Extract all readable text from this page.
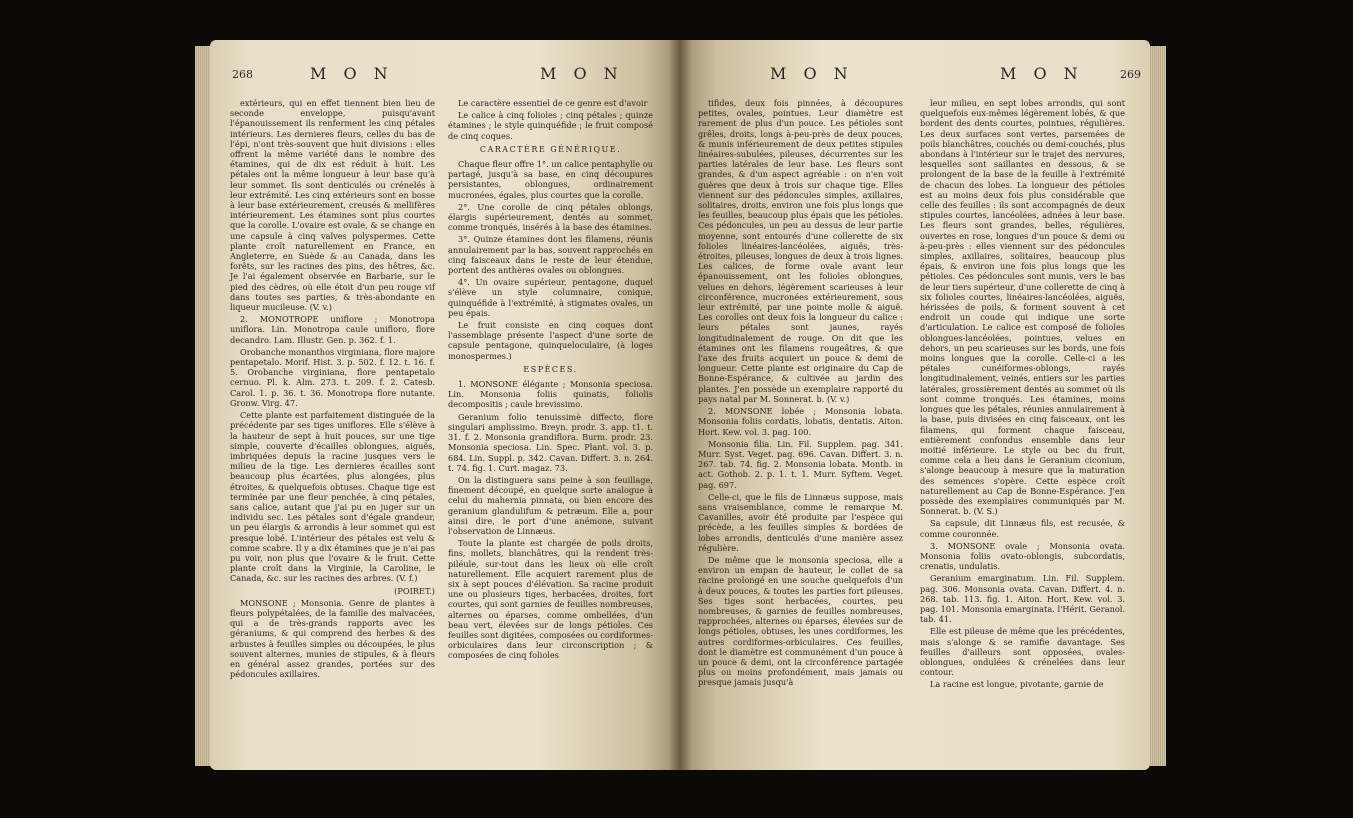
268	M O N	M O N

extérieurs, qui en effet tiennent bien lieu de seconde enveloppe, puisqu'avant l'épanouissement ils renferment les cinq pétales intérieurs. Les dernieres fleurs, celles du bas de l'épi, n'ont très-souvent que huit divisions : elles offrent la même variété dans le nombre des étamines, qui de dix est réduit à huit. Les pétales ont la même longueur à leur base qu'à leur sommet. Ils sont denticulés ou crénelés à leur extrémité. Les cinq extérieurs sont en bosse à leur base extérieurement, creusés & mellifères intérieurement. Les étamines sont plus courtes que la corolle. L'ovaire est ovale, & se change en une capsule à cinq valves polyspermes. Cette plante croît naturellement en France, en Angleterre, en Suède & au Canada, dans les forêts, sur les racines des pins, des hêtres, &c. Je l'ai également observée en Barbarie, sur le pied des cèdres, où elle étoit d'un peu rouge vif dans toutes ses parties, & très-abondante en liqueur mucileuse. (V. v.)

2. MONOTROPE uniflore ; Monotropa uniflora. Lin. Monotropa caule unifloro, flore decandro. Lam. Illustr. Gen. p. 362. f. 1.

Orobanche monanthos virginiana, flore majore pentapetalo. Morif. Hist. 3. p. 502. f. 12. t. 16. f. 5. Orobanche virginiana, flore pentapetalo cernuo. Pl. k. Alm. 273. t. 209. f. 2. Catesb. Carol. 1. p. 36. t. 36. Monotropa flore nutante. Gronw. Virg. 47.

Cette plante est parfaitement distinguée de la précédente par ses tiges uniflores. Elle s'élève à la hauteur de sept à huit pouces, sur une tige simple, couverte d'écailles oblongues, aiguës, imbriquées depuis la racine jusques vers le milieu de la tige. Les dernieres écailles sont beaucoup plus écartées, plus alongées, plus étroites, & quelquefois obtuses. Chaque tige est terminée par une fleur penchée, à cinq pétales, sans calice, autant que j'ai pu en juger sur un individu sec. Les pétales sont d'égale grandeur, un peu élargis & arrondis à leur sommet qui est presque lobé. L'intérieur des pétales est velu & comme scabre. Il y a dix étamines que je n'ai pas pu voir, non plus que l'ovaire & le fruit. Cette plante croît dans la Virginie, la Caroline, le Canada, &c. sur les racines des arbres. (V. f.)

(POIRET.)

MONSONE ; Monsonia. Genre de plantes à fleurs polypétalées, de la famille des malvacées, qui a de très-grands rapports avec les géraniums, & qui comprend des herbes & des arbustes à feuilles simples ou découpées, le plus souvent alternes, munies de stipules, & à fleurs en général assez grandes, portées sur des pédoncules axillaires.

Le caractère essentiel de ce genre est d'avoir

Le calice à cinq folioles ; cinq pétales ; quinze étamines ; le style quinquéfide ; le fruit composé de cinq coques.

CARACTÈRE GÉNÉRIQUE.

Chaque fleur offre 1°. un calice pentaphylle ou partagé, jusqu'à sa base, en cinq découpures persistantes, oblongues, ordinairement mucronées, égales, plus courtes que la corolle.

2°. Une corolle de cinq pétales oblongs, élargis supérieurement, dentés au sommet, comme tronqués, insérés à la base des étamines.

3°. Quinze étamines dont les filamens, réunis annulairement par la bas, souvent rapprochés en cinq faisceaux dans le reste de leur étendue, portent des anthères ovales ou oblongues.

4°. Un ovaire supérieur, pentagone, duquel s'élève un style columnaire, conique, quinquéfide à l'extrémité, à stigmates ovales, un peu épais.

Le fruit consiste en cinq coques dont l'assemblage présente l'aspect d'une sorte de capsule pentagone, quinqueloculaire, (à loges monospermes.)

ESPÈCES.

1. MONSONE élégante ; Monsonia speciosa. Lin. Monsonia foliis quinatis, foliolis decompositis ; caule brevissimo.

Geranium folio tenuissimè diffecto, flore singulari amplissimo. Breyn. prodr. 3. app. t1. t. 31. f. 2. Monsonia grandiflora. Burm. prodr. 23. Monsonia speciosa. Lin. Spec. Plant. vol. 3. p. 684. Lin. Suppl. p. 342. Cavan. Differt. 3. n. 264. t. 74. fig. 1. Curt. magaz. 73.

On la distinguera sans peine à son feuillage, finement découpé, en quelque sorte analogue à celui du mahernia pinnata, ou bien encore des geranium glandulifum & petræum. Elle a, pour ainsi dire, le port d'une anémone, suivant l'observation de Linnæus.

Toute la plante est chargée de poils droits, fins, mollets, blanchâtres, qui la rendent très-piléule, sur-tout dans les lieux où elle croît naturellement. Elle acquiert rarement plus de six à sept pouces d'élévation. Sa racine produit une ou plusieurs tiges, herbacées, droites, fort courtes, qui sont garnies de feuilles nombreuses, alternes ou éparses, comme ombellées, d'un beau vert, élevées sur de longs pétioles. Ces feuilles sont digitées, composées ou cordiformes-orbiculaires dans leur circonscription ; & composées de cinq folioles

M O N	M O N	269

tifides, deux fois pinnées, à découpures petites, ovales, pointues. Leur diamètre est rarement de plus d'un pouce. Les pétioles sont grêles, droits, longs à-peu-près de deux pouces, & munis inférieurement de deux petites stipules linéaires-subulées, pileuses, décurrentes sur les parties latérales de leur base. Les fleurs sont grandes, & d'un aspect agréable : on n'en voit guères que deux à trois sur chaque tige. Elles viennent sur des pédoncules simples, axillaires, solitaires, droits, environ une fois plus longs que les feuilles, beaucoup plus épais que les pétioles. Ces pédoncules, un peu au dessus de leur partie moyenne, sont entourés d'une collerette de six folioles linéaires-lancéolées, aiguës, très-étroites, pileuses, longues de deux à trois lignes. Les calices, de forme ovale avant leur épanouissement, ont les folioles oblongues, velues en dehors, légèrement scarieuses à leur circonférence, mucronées extérieurement, sous leur extrémité, par une pointe molle & aiguë. Les corolles ont deux fois la longueur du calice : leurs pétales sont jaunes, rayés longitudinalement de rouge. On dit que les étamines ont les filamens rougeâtres, & que l'axe des fruits acquiert un pouce & demi de longueur. Cette plante est originaire du Cap de Bonne-Espérance, & cultivée au jardin des plantes. J'en possède un exemplaire rapporté du pays natal par M. Sonnerat. b. (V. v.)

2. MONSONE lobée ; Monsonia lobata. Monsonia foliis cordatis, lobatis, dentatis. Aiton. Hort. Kew. vol. 3. pag. 100.

Monsonia filia. Lin. Fil. Supplem. pag. 341. Murr. Syst. Veget. pag. 696. Cavan. Differt. 3. n. 267. tab. 74. fig. 2. Monsonia lobata. Montb. in act. Gothob. 2. p. 1. t. 1. Murr. Syftem. Veget. pag. 697.

Celle-ci, que le fils de Linnæus suppose, mais sans vraisemblance, comme le remarque M. Cavanilles, avoir été produite par l'espèce qui précède, a les feuilles simples & bordées de lobes arrondis, denticulés d'une manière assez régulière.

De même que le monsonia speciosa, elle a environ un empan de hauteur, le collet de sa racine prolongé en une souche quelquefois d'un à deux pouces, & toutes les parties fort pileuses. Ses tiges sont herbacées, courtes, peu nombreuses, & garnies de feuilles nombreuses, rapprochées, alternes ou éparses, élevées sur de longs pétioles, obtuses, les unes cordiformes, les autres cordiformes-orbiculaires. Ces feuilles, dont le diamètre est communément d'un pouce à un pouce & demi, ont la circonférence partagée plus ou moins profondément, mais jamais ou presque jamais jusqu'à

leur milieu, en sept lobes arrondis, qui sont quelquefois eux-mêmes légèrement lobés, & que bordent des dents courtes, pointues, régulières. Les deux surfaces sont vertes, parsemées de poils blanchâtres, couchés ou demi-couchés, plus abondans à l'intérieur sur le trajet des nervures, lesquelles sont saillantes en dessous, & se prolongent de la base de la feuille à l'extrémité de chacun des lobes. La longueur des pétioles est au moins deux fois plus considérable que celle des feuilles : ils sont accompagnés de deux stipules courtes, lancéolées, adnées à leur base. Les fleurs sont grandes, belles, régulières, ouvertes en rose, longues d'un pouce & demi ou à-peu-près : elles viennent sur des pédoncules simples, axillaires, solitaires, beaucoup plus épais, & environ une fois plus longs que les pétioles. Ces pédoncules sont munis, vers le bas de leur tiers supérieur, d'une collerette de cinq à six folioles courtes, linéaires-lancéolées, aiguës, hérissées de poils, & forment souvent à cet endroit un coude qui indique une sorte d'articulation. Le calice est composé de folioles oblongues-lancéolées, pointues, velues en dehors, un peu scarieuses sur les bords, une fois moins longues que la corolle. Celle-ci a les pétales cunéiformes-oblongs, rayés longitudinalement, veinés, entiers sur les parties latérales, grossièrement dentés au sommet où ils sont comme tronqués. Les étamines, moins longues que les pétales, réunies annulairement à la base, puis divisées en cinq faisceaux, ont les filamens, qui forment chaque faisceau, entièrement confondus ensemble dans leur moitié inférieure. Le style ou bec du fruit, comme cela a lieu dans le Geranium ciconium, s'alonge beaucoup à mesure que la maturation des semences s'opère. Cette espèce croît naturellement au Cap de Bonne-Espérance. J'en possède des exemplaires communiqués par M. Sonnerat. b. (V. S.)

Sa capsule, dit Linnæus fils, est recusée, & comme couronnée.

3. MONSONE ovale ; Monsonia ovata. Monsonia foliis ovato-oblongis, subcordatis, crenatis, undulatis.

Geranium emarginatum. Lin. Fil. Supplem. pag. 306. Monsonia ovata. Cavan. Differt. 4. n. 268. tab. 113. fig. 1. Aiton. Hort. Kew. vol. 3. pag. 101. Monsonia emarginata. l'Hérit. Geranol. tab. 41.

Elle est pileuse de même que les précédentes, mais s'alonge & se ramifie davantage. Ses feuilles d'ailleurs sont opposées, ovales-oblongues, ondulées & crénelées dans leur contour.

La racine est longue, pivotante, garnie de
